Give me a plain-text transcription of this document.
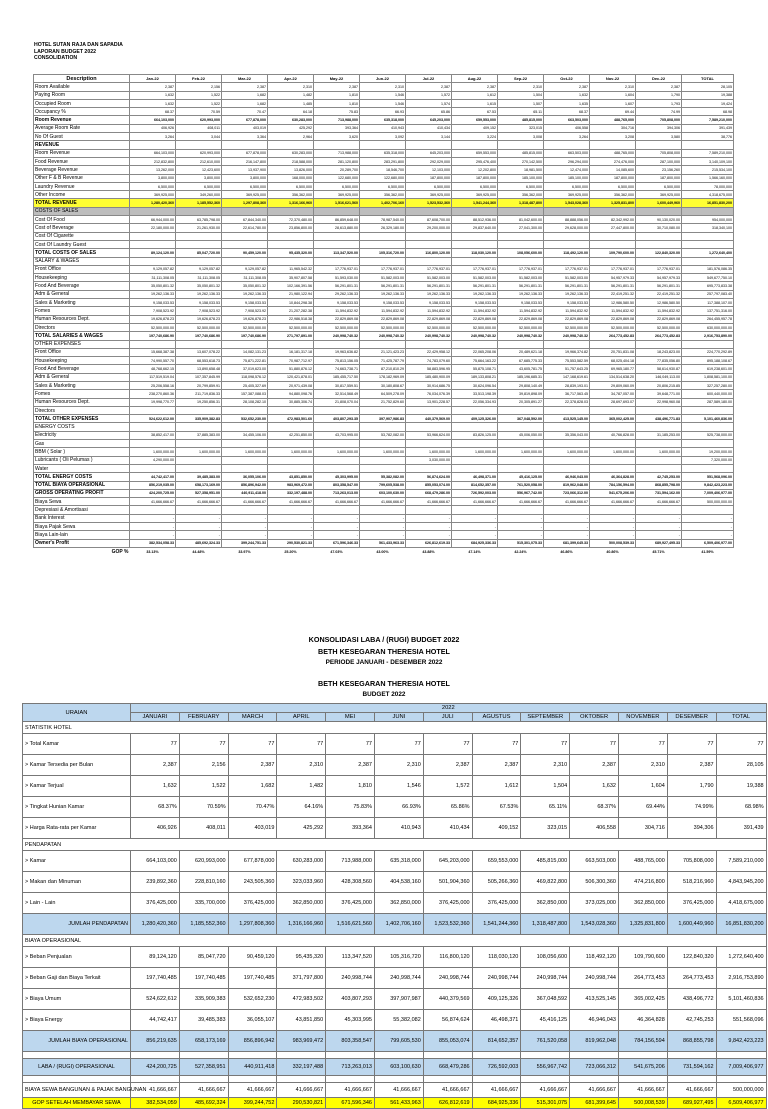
HOTEL SUTAN RAJA DAN SAPADIA
LAPORAN BUDGET 2022
CONSOLIDATION
Description	Jan-22	Feb-22	Mar-22	Apr-22	May-22	Jun-22	Jul-22	Aug-22	Sep-22	Oct-22	Nov-22	Dec-22	TOTAL
Room Available	2,387	2,156	2,387	2,310	2,387	2,310	2,387	2,387	2,310	2,387	2,310	2,387	28,105
Paying Room	1,632	1,522	1,682	1,482	1,810	1,546	1,572	1,612	1,504	1,632	1,604	1,790	19,388
Occupied Room	1,632	1,522	1,682	1,485	1,810	1,546	1,574	1,615	1,507	1,635	1,607	1,793	19,424
Occupancy %	68.37	70.59	70.47	64.18	75.83	66.93	65.86	67.53	65.11	68.37	69.44	74.99	68.98
Room Revenue	664,103,000	620,993,000	677,878,000	630,283,000	713,988,000	635,318,000	645,203,000	659,553,000	485,815,000	663,503,000	488,765,000	705,808,000	7,589,210,000
Average Room Rate	406,926	408,011	403,019	425,292	393,364	410,943	410,434	409,152	323,015	406,558	304,716	394,306	391,439
No Of Guest	3,264	3,044	3,364	2,964	3,620	3,092	3,144	3,224	3,008	3,264	3,208	3,580	38,776
REVENUE													
Room Revenue	664,103,000	620,993,000	677,878,000	630,283,000	713,988,000	635,318,000	645,203,000	659,553,000	485,815,000	663,503,000	488,765,000	705,808,000	7,589,210,000
Food Revenue	212,832,800	212,610,000	216,147,800	218,588,000	281,120,800	283,291,800	292,029,000	295,476,400	270,142,500	296,294,000	274,476,000	287,100,000	3,140,109,100
Beverage Revenue	13,262,000	12,423,600	13,937,900	13,826,000	20,289,700	18,546,700	12,103,000	12,202,800	18,981,500	12,474,000	14,085,600	23,156,260	215,534,100
Other F & B Revenue	3,800,000	3,800,000	3,800,000	168,000,000	122,680,000	122,680,000	187,800,000	187,800,000	185,100,000	185,100,000	187,800,000	187,800,000	1,566,160,000
Laundry Revenue	6,500,000	6,500,000	6,500,000	6,500,000	6,500,000	6,500,000	6,500,000	6,500,000	6,500,000	6,500,000	6,500,000	6,500,000	78,000,000
Other Income	369,925,000	349,260,000	369,925,000	356,362,000	369,925,000	356,362,000	369,925,000	369,925,000	356,362,000	369,925,000	356,362,000	369,925,000	4,318,675,000
TOTAL REVENUE	1,280,420,360	1,185,552,360	1,297,808,360	1,316,166,960	1,516,621,560	1,402,706,160	1,523,532,360	1,541,244,360	1,318,487,800	1,543,028,360	1,325,831,800	1,600,449,960	16,851,830,200
COSTS OF SALES													
Cost Of Food	66,944,000.00	63,785,798.00	67,844,340.00	72,370,480.00	86,859,648.00	78,987,540.00	87,608,700.00	88,512,936.00	81,042,600.00	88,888,056.00	82,342,992.00	90,130,020.00	954,000,000
Cost of Beverage	22,180,000.00	21,261,930.00	22,614,780.00	23,856,800.00	28,613,880.00	26,329,180.00	29,200,000.00	29,837,640.00	27,041,300.00	29,628,000.00	27,447,800.00	30,710,080.00	318,340,100
Cost Of Cigarette													
Cost Of Laundry Guest													
TOTAL COSTS OF SALES	89,124,120.00	85,047,720.00	90,459,120.00	95,435,320.00	113,347,520.00	105,316,720.00	116,800,120.00	118,030,120.00	108,056,600.00	118,492,120.00	109,790,600.00	122,840,320.00	1,272,640,400
SALARY & WAGES													
Front Office	9,129,057.82	9,129,057.82	9,129,057.82	11,965,542.32	17,776,937.01	17,776,937.01	17,776,937.01	17,776,937.01	17,776,937.01	17,776,937.01	17,776,937.01	17,776,937.01	181,576,086.35
Housekeeping	31,111,308.05	31,111,308.05	31,111,308.05	35,907,807.58	51,593,030.00	51,582,003.00	51,582,003.00	51,582,003.00	51,582,003.00	51,582,003.00	54,957,979.33	54,957,979.33	549,677,750.10
Food And Beverage	35,050,801.32	35,050,801.32	35,050,801.32	102,166,391.56	56,291,801.31	56,291,801.31	56,291,801.31	56,291,801.31	56,291,801.31	56,291,801.31	56,291,801.31	56,291,801.31	695,773,833.38
Adm & General	19,262,136.33	19,262,136.33	19,262,136.33	21,980,122.94	29,262,136.33	19,262,136.33	19,262,136.33	19,262,136.33	19,262,136.33	19,262,136.33	22,419,251.32	22,419,251.32	257,797,083.40
Sales & Marketing	9,158,033.53	9,158,033.53	9,158,033.53	10,844,298.38	9,158,033.53	9,158,033.53	9,158,033.53	9,158,033.53	9,158,033.53	9,158,033.53	12,986,580.50	12,986,580.50	117,388,107.00
Fomes	7,908,523.92	7,908,523.92	7,908,523.92	21,207,282.38	11,594,832.92	11,594,832.92	11,594,832.92	11,594,832.92	11,594,832.92	11,594,832.92	11,594,832.92	11,594,832.92	137,751,316.00
Human Resources Dept.	19,626,878.23	19,626,878.23	19,626,878.23	22,986,518.38	22,829,869.08	22,829,869.08	22,829,869.08	22,829,869.08	22,829,869.08	22,829,869.08	22,829,869.08	22,829,869.08	264,455,957.78
Directors	52,500,000.00	52,500,000.00	52,500,000.00	52,500,000.00	52,500,000.00	52,500,000.00	52,500,000.00	52,500,000.00	52,500,000.00	52,500,000.00	52,500,000.00	52,500,000.00	630,000,000.00
TOTAL SALARIES & WAGES	197,740,686.90	197,740,686.90	197,740,686.90	271,797,891.00	240,998,740.32	240,998,740.32	240,998,740.32	240,998,740.32	240,998,740.32	240,998,740.32	264,773,452.83	264,773,452.83	2,916,753,890.00
OTHER EXPENSES													
Front Office	15,668,387.38	13,607,078.22	14,082,131.23	16,181,317.18	19,963,636.82	21,121,423.23	22,429,958.12	22,065,208.06	20,489,621.18	19,966,374.82	20,751,831.08	18,243,823.00	224,770,292.89
Housekeeping	74,990,557.70	68,553,618.73	75,871,222.81	70,987,712.97	75,813,156.05	71,425,787.79	74,783,079.60	75,664,163.22	67,685,775.33	75,553,582.59	68,025,404.18	77,835,056.80	895,188,108.67
Food And Beverage	48,768,662.15	13,890,658.48	37,019,623.00	51,880,876.12	74,663,738.71	87,210,810.29	58,883,596.95	55,875,108.71	43,605,781.75	51,757,643.25	69,965,180.77	58,614,930.87	619,238,601.00
Adm & General	117,519,519.04	107,357,845.99	118,098,576.12	120,421,878.01	185,455,717.50	178,182,969.09	185,480,900.09	189,133,808.21	185,196,685.31	147,168,619.61	134,514,638.20	146,049,113.00	1,808,581,100.00
Sales & Marketing	25,206,558.16	20,799,859.91	25,405,327.69	20,971,439.08	30,817,559.51	30,180,808.67	30,914,686.75	30,624,096.54	29,808,140.49	28,839,193.01	29,809,060.09	20,806,215.85	327,257,280.00
Fomes	238,270,860.36	211,719,836.33	157,387,088.03	94,880,098.76	32,514,568.49	64,509,278.09	76,034,076.39	33,513,198.39	39,819,898.09	36,717,563.45	34,787,057.00	39,648,771.00	600,440,000.00
Human Resources Dept.	19,998,770.77	19,250,856.31	28,108,282.10	30,885,306.74	21,808,070.04	21,752,829.60	13,901,228.57	22,056,334.93	20,305,891.27	22,378,828.03	28,697,693.07	22,998,960.08	287,589,180.00
Directors													
TOTAL OTHER EXPENSES	524,622,612.00	335,909,382.83	532,652,230.00	472,983,501.60	403,807,293.35	397,907,986.83	440,379,569.00	409,125,326.00	367,048,592.00	413,525,145.00	365,002,425.00	438,496,771.83	5,101,460,836.00
ENERGY COSTS													
Electricity	38,852,417.00	37,885,383.00	34,455,106.00	42,251,850.00	43,703,995.00	53,782,082.00	53,966,624.00	83,826,125.00	45,006,050.00	35,356,043.00	40,766,828.00	31,185,253.00	525,738,000.00
Gas													
BBM ( Solar )	1,600,000.00	1,600,000.00	1,600,000.00	1,600,000.00	1,600,000.00	1,600,000.00	1,600,000.00	1,600,000.00	1,600,000.00	1,600,000.00	1,600,000.00	1,600,000.00	19,200,000.00
Lubricants ( Oli Pelumas )	4,290,000.00						3,030,000.00						7,320,000.00
Water													
TOTAL ENERGY COSTS	44,742,417.00	39,485,383.00	36,055,106.00	43,851,850.00	45,303,995.00	55,382,082.00	56,874,624.00	46,498,371.00	45,416,125.00	46,946,043.00	46,364,828.00	42,745,253.00	551,568,096.00
TOTAL BIAYA OPERASIONAL	856,219,035.00	658,173,169.00	856,896,942.00	983,969,472.00	803,358,547.00	799,605,538.00	855,053,074.00	814,652,357.00	761,520,058.00	819,962,048.00	784,156,594.00	868,855,798.00	9,842,423,223.00
GROSS OPERATING PROFIT	424,200,725.00	527,358,951.00	440,911,418.00	332,197,488.00	713,263,013.00	603,100,630.00	668,479,286.00	726,592,003.00	556,967,742.00	723,066,312.00	541,675,206.00	731,594,162.00	7,009,406,977.00
Biaya Sewa	41,666,666.67	41,666,666.67	41,666,666.67	41,666,666.67	41,666,666.67	41,666,666.67	41,666,666.67	41,666,666.67	41,666,666.67	41,666,666.67	41,666,666.67	41,666,666.67	500,000,000.00
Depresiasi & Amortisasi													
Bank Interest	-	-	-	-	-	-	-	-	-	-	-	-	-
Biaya Pajak Sewa	-	-	-	-	-	-	-	-	-	-	-	-	-
Biaya Lain-lain	-	-	-	-	-	-	-	-	-	-	-	-	-
Owner's Profit	382,534,058.33	485,692,324.33	399,244,751.33	290,530,821.33	671,596,346.33	561,433,963.33	626,812,619.33	684,925,336.33	515,301,075.33	681,399,645.33	500,008,539.33	689,927,495.33	6,509,406,977.00
GOP %	33.13%	44.48%	33.97%	25.20%	47.03%	43.00%	43.88%	47.14%	42.24%	46.86%	40.86%	45.71%	41.59%
KONSOLIDASI LABA / (RUGI) BUDGET 2022
BETH KESEGARAN THERESIA HOTEL
PERIODE JANUARI - DESEMBER 2022
BETH KESEGARAN THERESIA HOTEL
BUDGET 2022
URAIAN	2022												
	JANUARI	FEBRUARY	MARCH	APRIL	MEI	JUNI	JULI	AGUSTUS	SEPTEMBER	OKTOBER	NOVEMBER	DESEMBER	TOTAL
STATISTIK HOTEL													
> Total Kamar	77	77	77	77	77	77	77	77	77	77	77	77	77
> Kamar Tersedia per Bulan	2,387	2,156	2,387	2,310	2,387	2,310	2,387	2,387	2,310	2,387	2,310	2,387	28,105
> Kamar Terjual	1,632	1,522	1,682	1,482	1,810	1,546	1,572	1,612	1,504	1,632	1,604	1,790	19,388
> Tingkat Hunian Kamar	68.37%	70.59%	70.47%	64.16%	75.83%	66.93%	65.86%	67.53%	65.11%	68.37%	69.44%	74.99%	68.98%
> Harga Rata-rata per Kamar	406,926	408,011	403,019	425,292	393,364	410,943	410,434	409,152	323,015	406,558	304,716	394,306	391,439
PENDAPATAN													
> Kamar	664,103,000	620,993,000	677,878,000	630,283,000	713,988,000	635,318,000	645,203,000	659,553,000	485,815,000	663,503,000	488,765,000	705,808,000	7,589,210,000
> Makan dan Minuman	239,892,360	228,810,160	243,505,360	323,033,960	428,308,560	404,538,160	501,904,360	505,266,360	469,822,800	506,300,360	474,216,800	518,216,960	4,843,945,200
> Lain - Lain	376,425,000	335,700,000	376,425,000	362,850,000	376,425,000	362,850,000	376,425,000	376,425,000	362,850,000	373,025,000	362,850,000	376,425,000	4,418,675,000
JUMLAH PENDAPATAN	1,280,420,360	1,185,552,360	1,297,808,360	1,316,166,960	1,516,621,560	1,402,706,160	1,523,532,360	1,541,244,360	1,318,487,800	1,543,028,360	1,325,831,800	1,600,449,960	16,851,830,200
BIAYA OPERASIONAL													
> Beban Penjualan	89,124,120	85,047,720	90,459,120	95,435,320	113,347,520	105,316,720	116,800,120	118,030,120	108,056,600	118,492,120	109,790,600	122,840,320	1,272,640,400
> Beban Gaji dan Biaya Terkait	197,740,485	197,740,485	197,740,485	371,797,800	240,998,744	240,998,744	240,998,744	240,998,744	240,998,744	240,998,744	264,773,453	264,773,453	2,916,753,890
> Biaya Umum	524,622,612	335,909,383	532,652,230	472,983,502	403,807,293	397,907,987	440,379,569	409,125,326	367,048,592	413,525,145	365,002,425	438,496,772	5,101,460,836
> Biaya Energy	44,742,417	39,485,383	36,055,107	43,851,850	45,303,995	55,382,082	56,874,624	46,498,371	45,416,125	46,946,043	46,364,828	42,745,253	551,568,096
JUMLAH BIAYA OPERASIONAL	856,219,635	658,173,169	856,896,942	983,969,472	803,358,547	799,605,530	855,053,074	814,652,357	761,520,058	819,962,048	784,156,594	868,855,798	9,842,423,223

LABA / (RUGI) OPERASIONAL	424,200,725	527,358,951	440,911,418	332,197,488	713,263,013	603,100,630	668,479,286	726,592,003	556,967,742	723,066,312	541,675,206	731,594,162	7,009,406,977

BIAYA SEWA BANGUNAN & PAJAK BANGUNAN	41,666,667	41,666,667	41,666,667	41,666,667	41,666,667	41,666,667	41,666,667	41,666,667	41,666,667	41,666,667	41,666,667	41,666,667	500,000,000
GOP SETELAH MEMBAYAR SEWA	382,534,059	485,692,324	399,244,752	290,530,821	671,596,346	561,433,963	626,812,619	684,925,336	515,301,075	681,399,645	500,008,539	689,927,495	6,509,406,977
